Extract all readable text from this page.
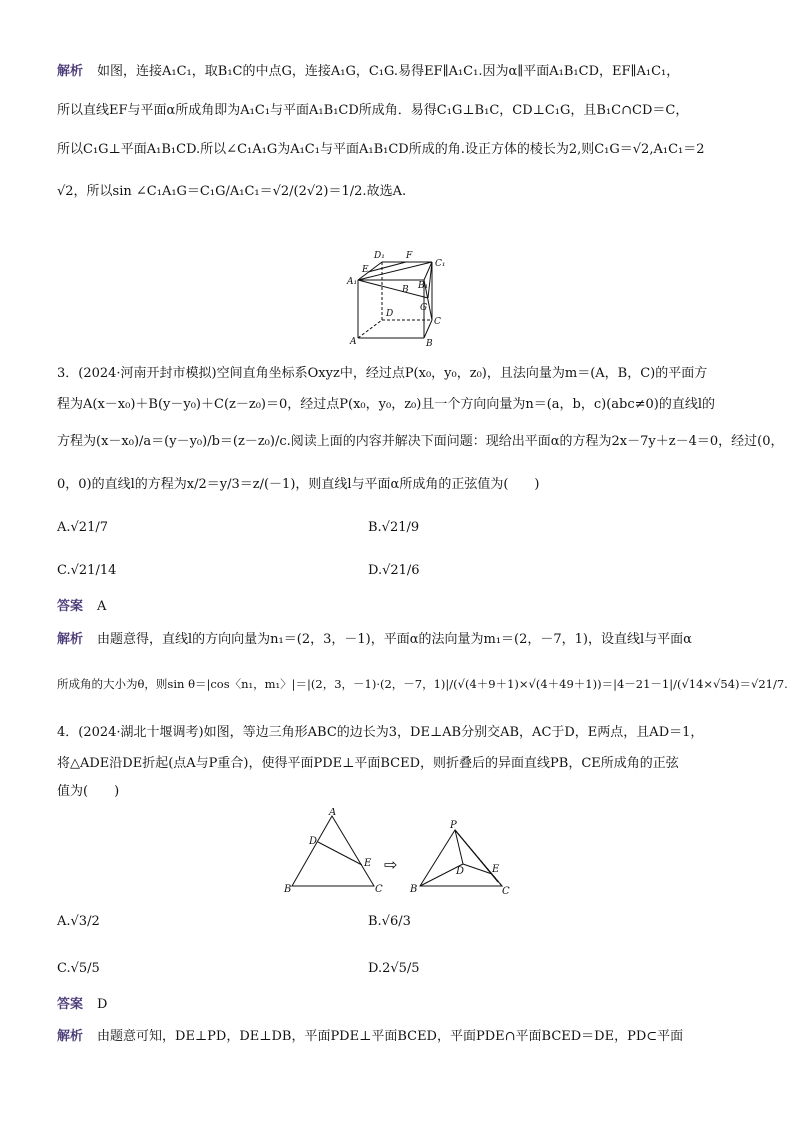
解析 如图，连接A₁C₁，取B₁C的中点G，连接A₁G，C₁G.易得EF∥A₁C₁.因为α∥平面A₁B₁CD，EF∥A₁C₁，
所以直线EF与平面α所成角即为A₁C₁与平面A₁B₁CD所成角．易得C₁G⊥B₁C，CD⊥C₁G，且B₁C∩CD＝C，
所以C₁G⊥平面A₁B₁CD.所以∠C₁A₁G为A₁C₁与平面A₁B₁CD所成的角.设正方体的棱长为2,则C₁G＝√2,A₁C₁＝2
√2，所以sin ∠C₁A₁G＝C₁G/A₁C₁＝√2/(2√2)＝1/2.故选A.
D₁ F
C₁
E
A₁
B B₁
G
D
C
A	B
3．(2024·河南开封市模拟)空间直角坐标系Oxyz中，经过点P(x₀，y₀，z₀)，且法向量为m＝(A，B，C)的平面方
程为A(x－x₀)＋B(y－y₀)＋C(z－z₀)＝0，经过点P(x₀，y₀，z₀)且一个方向向量为n＝(a，b，c)(abc≠0)的直线l的
方程为(x－x₀)/a＝(y－y₀)/b＝(z－z₀)/c.阅读上面的内容并解决下面问题：现给出平面α的方程为2x－7y＋z－4＝0，经过(0，
0，0)的直线l的方程为x/2＝y/3＝z/(－1)，则直线l与平面α所成角的正弦值为(　　)
A.√21/7	B.√21/9
C.√21/14	D.√21/6
答案 A
解析 由题意得，直线l的方向向量为n₁＝(2，3，－1)，平面α的法向量为m₁＝(2，－7，1)，设直线l与平面α
所成角的大小为θ，则sin θ＝|cos〈n₁，m₁〉|＝|(2，3，－1)·(2，－7，1)|/(√(4＋9＋1)×√(4＋49＋1))＝|4－21－1|/(√14×√54)＝√21/7.
4．(2024·湖北十堰调考)如图，等边三角形ABC的边长为3，DE⊥AB分别交AB，AC于D，E两点，且AD＝1，
将△ADE沿DE折起(点A与P重合)，使得平面PDE⊥平面BCED，则折叠后的异面直线PB，CE所成角的正弦
值为(　　)
A
D
E
B	C
P
E
D
B	C
⇨
A.√3/2	B.√6/3
C.√5/5	D.2√5/5
答案 D
解析 由题意可知，DE⊥PD，DE⊥DB，平面PDE⊥平面BCED，平面PDE∩平面BCED＝DE，PD⊂平面
